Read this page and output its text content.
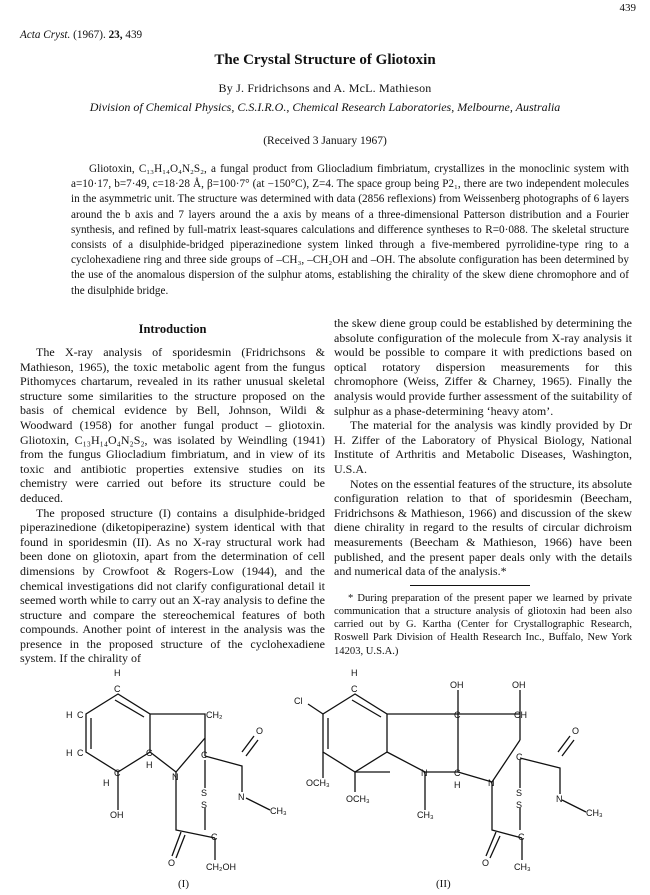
439
Acta Cryst. (1967). 23, 439
The Crystal Structure of Gliotoxin
By J. Fridrichsons and A. McL. Mathieson
Division of Chemical Physics, C.S.I.R.O., Chemical Research Laboratories, Melbourne, Australia
(Received 3 January 1967)

Gliotoxin, C₁₃H₁₄O₄N₂S₂, a fungal product from Gliocladium fimbriatum, crystallizes in the monoclinic system with a=10·17, b=7·49, c=18·28 Å, β=100·7° (at −150°C), Z=4. The space group being P2₁, there are two independent molecules in the asymmetric unit. The structure was determined with data (2856 reflexions) from Weissenberg photographs of 6 layers around the b axis and 7 layers around the a axis by means of a three-dimensional Patterson distribution and a Fourier synthesis, and refined by full-matrix least-squares calculations and difference syntheses to R=0·088. The skeletal structure consists of a disulphide-bridged piperazinedione system linked through a five-membered pyrrolidine-type ring to a cyclohexadiene ring and three side groups of –CH₃, –CH₂OH and –OH. The absolute configuration has been determined by the use of the anomalous dispersion of the sulphur atoms, establishing the chirality of the skew diene chromophore and of the disulphide bridge.

Introduction

The X-ray analysis of sporidesmin (Fridrichsons & Mathieson, 1965), the toxic metabolic agent from the fungus Pithomyces chartarum, revealed in its rather unusual skeletal structure some similarities to the structure proposed on the basis of chemical evidence by Bell, Johnson, Wildi & Woodward (1958) for another fungal product – gliotoxin. Gliotoxin, C₁₃H₁₄O₄N₂S₂, was isolated by Weindling (1941) from the fungus Gliocladium fimbriatum, and in view of its toxic and antibiotic properties extensive studies on its chemistry were carried out before its structure could be deduced.

The proposed structure (I) contains a disulphide-bridged piperazinedione (diketopiperazine) system identical with that found in sporidesmin (II). As no X-ray structural work had been done on gliotoxin, apart from the determination of cell dimensions by Crowfoot & Rogers-Low (1944), and the chemical investigations did not clarify configurational detail it seemed worth while to carry out an X-ray analysis to define the structure and compare the stereochemical features of both compounds. Another point of interest in the analysis was the presence in the proposed structure of the cyclohexadiene system. If the chirality of

the skew diene group could be established by determining the absolute configuration of the molecule from X-ray analysis it would be possible to compare it with predictions based on optical rotatory dispersion measurements for this chromophore (Weiss, Ziffer & Charney, 1965). Finally the analysis would provide further assessment of the suitability of sulphur as a phase-determining ‘heavy atom’.

The material for the analysis was kindly provided by Dr H. Ziffer of the Laboratory of Physical Biology, National Institute of Arthritis and Metabolic Diseases, Washington, U.S.A.

Notes on the essential features of the structure, its absolute configuration relation to that of sporidesmin (Beecham, Fridrichsons & Mathieson, 1966) and discussion of the skew diene chirality in regard to the results of circular dichroism measurements (Beecham & Mathieson, 1966) have been published, and the present paper deals only with the details and numerical data of the analysis.*

* During preparation of the present paper we learned by private communication that a structure analysis of gliotoxin had been also carried out by G. Kartha (Center for Crystallographic Research, Roswell Park Division of Health Research Inc., Buffalo, New York 14203, U.S.A.)

H
C
CH₂
H C
H C	C
H
C
H
OH
N
C
S
S
C
O
O
N
CH₃
CH₂OH
(I)
Cl
H
C	OH
C
OH
CH
OCH₃
OCH₃
N
CH₃
C
H	N
C
S
S
C
O
O
N
CH₃
CH₃
(II)
